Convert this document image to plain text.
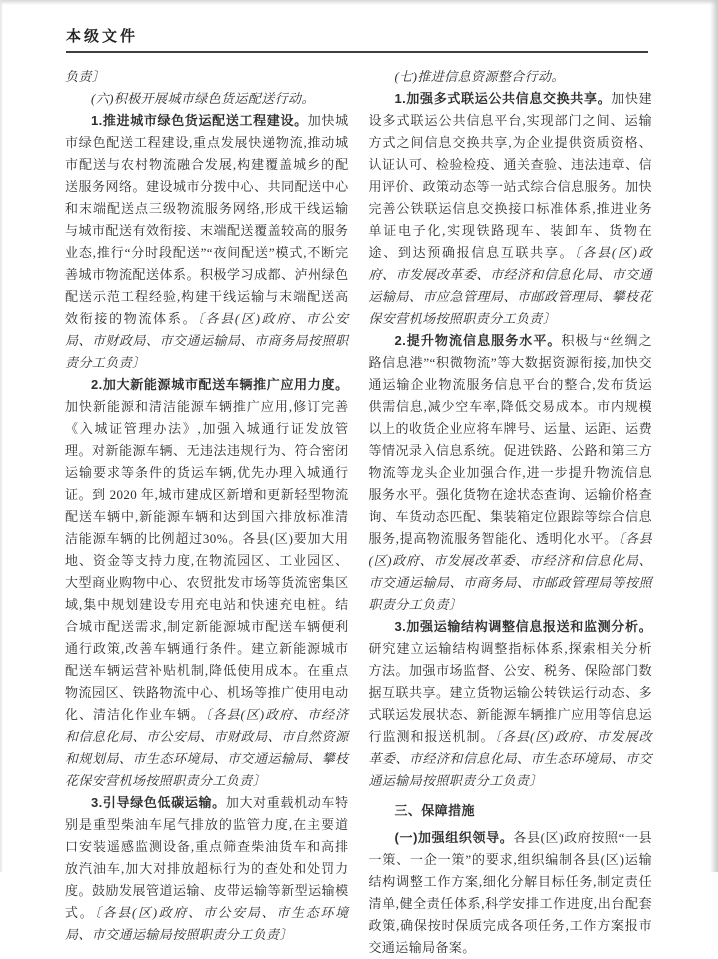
本级文件

负责〕

(六)积极开展城市绿色货运配送行动。

1.推进城市绿色货运配送工程建设。加快城市绿色配送工程建设,重点发展快递物流,推动城市配送与农村物流融合发展,构建覆盖城乡的配送服务网络。建设城市分拨中心、共同配送中心和末端配送点三级物流服务网络,形成干线运输与城市配送有效衔接、末端配送覆盖较高的服务业态,推行“分时段配送”“夜间配送”模式,不断完善城市物流配送体系。积极学习成都、泸州绿色配送示范工程经验,构建干线运输与末端配送高效衔接的物流体系。〔各县(区)政府、市公安局、市财政局、市交通运输局、市商务局按照职责分工负责〕

2.加大新能源城市配送车辆推广应用力度。加快新能源和清洁能源车辆推广应用,修订完善《入城证管理办法》,加强入城通行证发放管理。对新能源车辆、无违法违规行为、符合密闭运输要求等条件的货运车辆,优先办理入城通行证。到 2020 年,城市建成区新增和更新轻型物流配送车辆中,新能源车辆和达到国六排放标准清洁能源车辆的比例超过30%。各县(区)要加大用地、资金等支持力度,在物流园区、工业园区、大型商业购物中心、农贸批发市场等货流密集区域,集中规划建设专用充电站和快速充电桩。结合城市配送需求,制定新能源城市配送车辆便利通行政策,改善车辆通行条件。建立新能源城市配送车辆运营补贴机制,降低使用成本。在重点物流园区、铁路物流中心、机场等推广使用电动化、清洁化作业车辆。〔各县(区)政府、市经济和信息化局、市公安局、市财政局、市自然资源和规划局、市生态环境局、市交通运输局、攀枝花保安营机场按照职责分工负责〕

3.引导绿色低碳运输。加大对重载机动车特别是重型柴油车尾气排放的监管力度,在主要道口安装遥感监测设备,重点筛查柴油货车和高排放汽油车,加大对排放超标行为的查处和处罚力度。鼓励发展管道运输、皮带运输等新型运输模式。〔各县(区)政府、市公安局、市生态环境局、市交通运输局按照职责分工负责〕

(七)推进信息资源整合行动。

1.加强多式联运公共信息交换共享。加快建设多式联运公共信息平台,实现部门之间、运输方式之间信息交换共享,为企业提供资质资格、认证认可、检验检疫、通关查验、违法违章、信用评价、政策动态等一站式综合信息服务。加快完善公铁联运信息交换接口标准体系,推进业务单证电子化,实现铁路现车、装卸车、货物在途、到达预确报信息互联共享。〔各县(区)政府、市发展改革委、市经济和信息化局、市交通运输局、市应急管理局、市邮政管理局、攀枝花保安营机场按照职责分工负责〕

2.提升物流信息服务水平。积极与“丝绸之路信息港”“积微物流”等大数据资源衔接,加快交通运输企业物流服务信息平台的整合,发布货运供需信息,减少空车率,降低交易成本。市内规模以上的收货企业应将车牌号、运量、运距、运费等情况录入信息系统。促进铁路、公路和第三方物流等龙头企业加强合作,进一步提升物流信息服务水平。强化货物在途状态查询、运输价格查询、车货动态匹配、集装箱定位跟踪等综合信息服务,提高物流服务智能化、透明化水平。〔各县(区)政府、市发展改革委、市经济和信息化局、市交通运输局、市商务局、市邮政管理局等按照职责分工负责〕

3.加强运输结构调整信息报送和监测分析。研究建立运输结构调整指标体系,探索相关分析方法。加强市场监督、公安、税务、保险部门数据互联共享。建立货物运输公转铁运行动态、多式联运发展状态、新能源车辆推广应用等信息运行监测和报送机制。〔各县(区)政府、市发展改革委、市经济和信息化局、市生态环境局、市交通运输局按照职责分工负责〕

三、保障措施

(一)加强组织领导。各县(区)政府按照“一县一策、一企一策”的要求,组织编制各县(区)运输结构调整工作方案,细化分解目标任务,制定责任清单,健全责任体系,科学安排工作进度,出台配套政策,确保按时保质完成各项任务,工作方案报市交通运输局备案。
